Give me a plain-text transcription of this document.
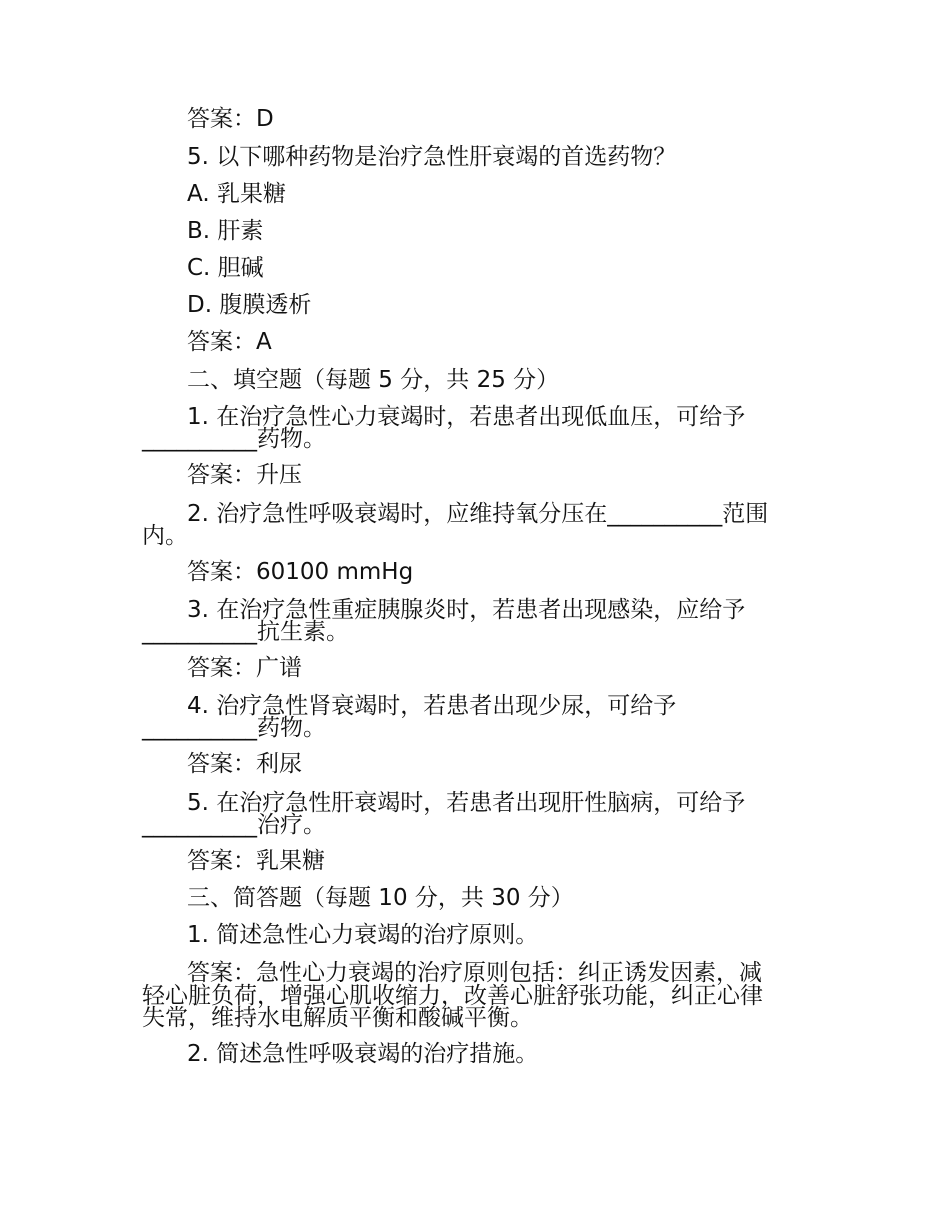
答案：D
5. 以下哪种药物是治疗急性肝衰竭的首选药物？
A. 乳果糖
B. 肝素
C. 胆碱
D. 腹膜透析
答案：A
二、填空题（每题 5 分，共 25 分）
1. 在治疗急性心力衰竭时，若患者出现低血压，可给予
__________药物。
答案：升压
2. 治疗急性呼吸衰竭时，应维持氧分压在__________范围
内。
答案：60100 mmHg
3. 在治疗急性重症胰腺炎时，若患者出现感染，应给予
__________抗生素。
答案：广谱
4. 治疗急性肾衰竭时，若患者出现少尿，可给予
__________药物。
答案：利尿
5. 在治疗急性肝衰竭时，若患者出现肝性脑病，可给予
__________治疗。
答案：乳果糖
三、简答题（每题 10 分，共 30 分）
1. 简述急性心力衰竭的治疗原则。
答案：急性心力衰竭的治疗原则包括：纠正诱发因素，减
轻心脏负荷，增强心肌收缩力，改善心脏舒张功能，纠正心律
失常，维持水电解质平衡和酸碱平衡。
2. 简述急性呼吸衰竭的治疗措施。
